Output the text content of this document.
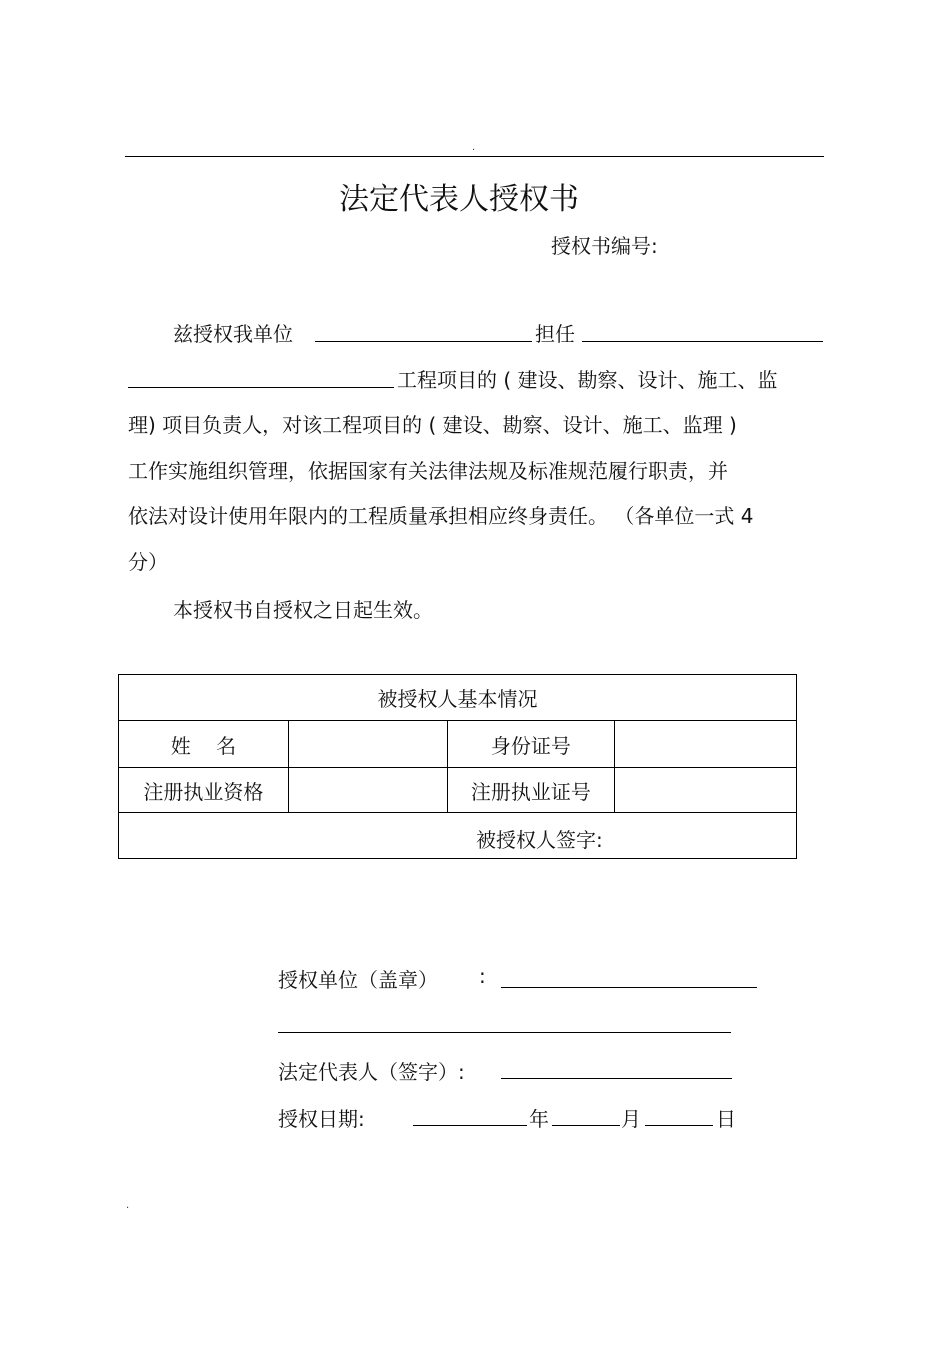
.
法定代表人授权书
授权书编号:
兹授权我单位	担任
工程项目的 ( 建设、勘察、设计、施工、监
理) 项目负责人，对该工程项目的 ( 建设、勘察、设计、施工、监理 )
工作实施组织管理，依据国家有关法律法规及标准规范履行职责，并
依法对设计使用年限内的工程质量承担相应终身责任。 （各单位一式 4
分）
本授权书自授权之日起生效。
被授权人基本情况			
姓    名		身份证号	
注册执业资格		注册执业证号	

被授权人签字:			
授权单位（盖章） :
法定代表人（签字）:
授权日期:	年	月	日
.
